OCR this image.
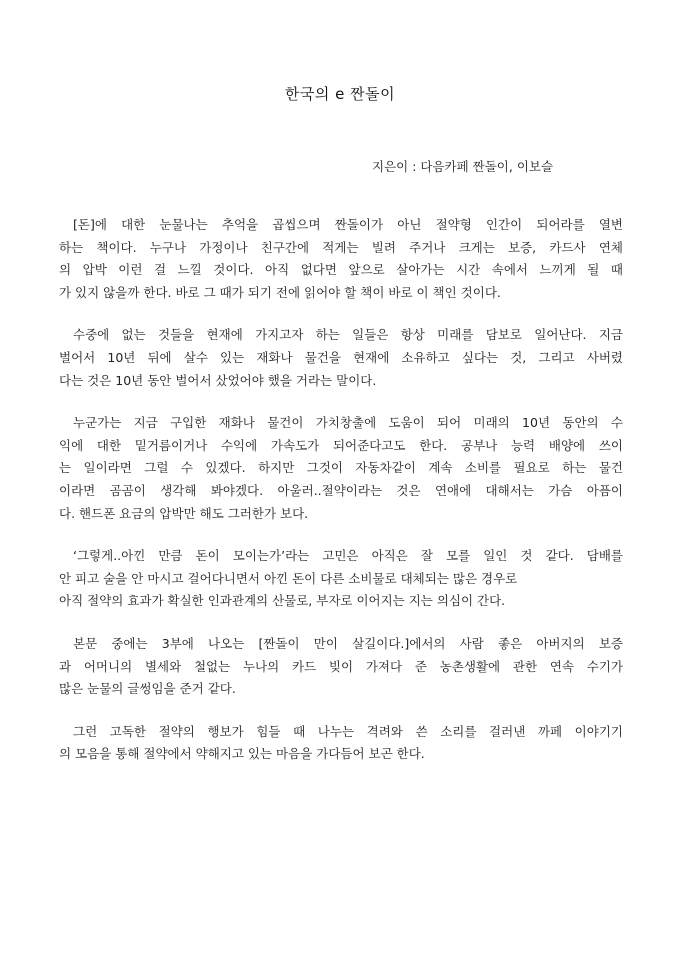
한국의 e 짠돌이
지은이 : 다음카페 짠돌이, 이보슬

[돈]에 대한 눈물나는 추억을 곱씹으며 짠돌이가 아닌 절약형 인간이 되어라를 열변
하는 책이다. 누구나 가정이나 친구간에 적게는 빌려 주거나 크게는 보증, 카드사 연체
의 압박 이런 걸 느낄 것이다. 아직 없다면 앞으로 살아가는 시간 속에서 느끼게 될 때
가 있지 않을까 한다. 바로 그 때가 되기 전에 읽어야 할 책이 바로 이 책인 것이다.

수중에 없는 것들을 현재에 가지고자 하는 일들은 항상 미래를 담보로 일어난다. 지금
벌어서 10년 뒤에 살수 있는 재화나 물건을 현재에 소유하고 싶다는 것, 그리고 사버렸
다는 것은 10년 동안 벌어서 샀었어야 했을 거라는 말이다.

누군가는 지금 구입한 재화나 물건이 가치창출에 도움이 되어 미래의 10년 동안의 수
익에 대한 밑거름이거나 수익에 가속도가 되어준다고도 한다. 공부나 능력 배양에 쓰이
는 일이라면 그럴 수 있겠다. 하지만 그것이 자동차같이 계속 소비를 필요로 하는 물건
이라면 곰곰이 생각해 봐야겠다. 아울러..절약이라는 것은 연애에 대해서는 가슴 아픔이
다. 핸드폰 요금의 압박만 해도 그러한가 보다.

‘그렇게..아낀 만큼 돈이 모이는가’라는 고민은 아직은 잘 모를 일인 것 같다. 담배를
안 피고 술을 안 마시고 걸어다니면서 아낀 돈이 다른 소비물로 대체되는 많은 경우로
아직 절약의 효과가 확실한 인과관계의 산물로, 부자로 이어지는 지는 의심이 간다.

본문 중에는 3부에 나오는 [짠돌이 만이 살길이다.]에서의 사람 좋은 아버지의 보증
과 어머니의 별세와 철없는 누나의 카드 빚이 가져다 준 농촌생활에 관한 연속 수기가
많은 눈물의 글썽임을 준거 같다.

그런 고독한 절약의 행보가 힘들 때 나누는 격려와 쓴 소리를 걸러낸 까페 이야기기
의 모음을 통해 절약에서 약해지고 있는 마음을 가다듬어 보곤 한다.
